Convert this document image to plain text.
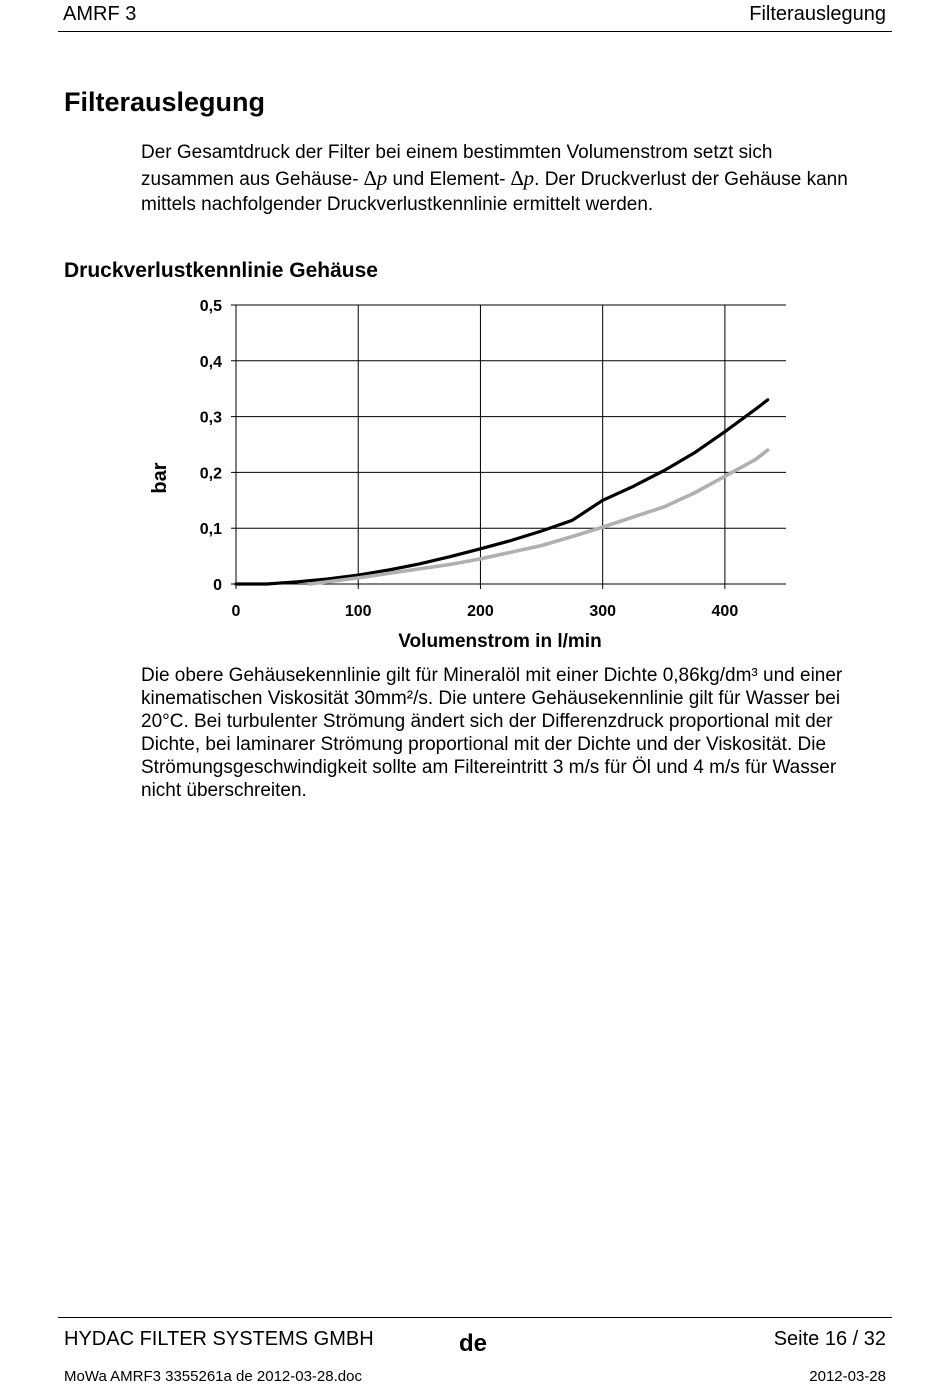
AMRF 3	Filterauslegung
Filterauslegung
Der Gesamtdruck der Filter bei einem bestimmten Volumenstrom setzt sich
zusammen aus Gehäuse- ∆p und Element- ∆p. Der Druckverlust der Gehäuse kann
mittels nachfolgender Druckverlustkennlinie ermittelt werden.
Druckverlustkennlinie Gehäuse
0
0,1
0,2
0,3
0,4
0,5
0	100	200	300	400
Volumenstrom in l/min
bar
Die obere Gehäusekennlinie gilt für Mineralöl mit einer Dichte 0,86kg/dm³ und einer
kinematischen Viskosität 30mm²/s. Die untere Gehäusekennlinie gilt für Wasser bei
20°C. Bei turbulenter Strömung ändert sich der Differenzdruck proportional mit der
Dichte, bei laminarer Strömung proportional mit der Dichte und der Viskosität. Die
Strömungsgeschwindigkeit sollte am Filtereintritt 3 m/s für Öl und 4 m/s für Wasser
nicht überschreiten.
HYDAC FILTER SYSTEMS GMBH	de	Seite 16 / 32
MoWa AMRF3 3355261a de 2012-03-28.doc	2012-03-28
